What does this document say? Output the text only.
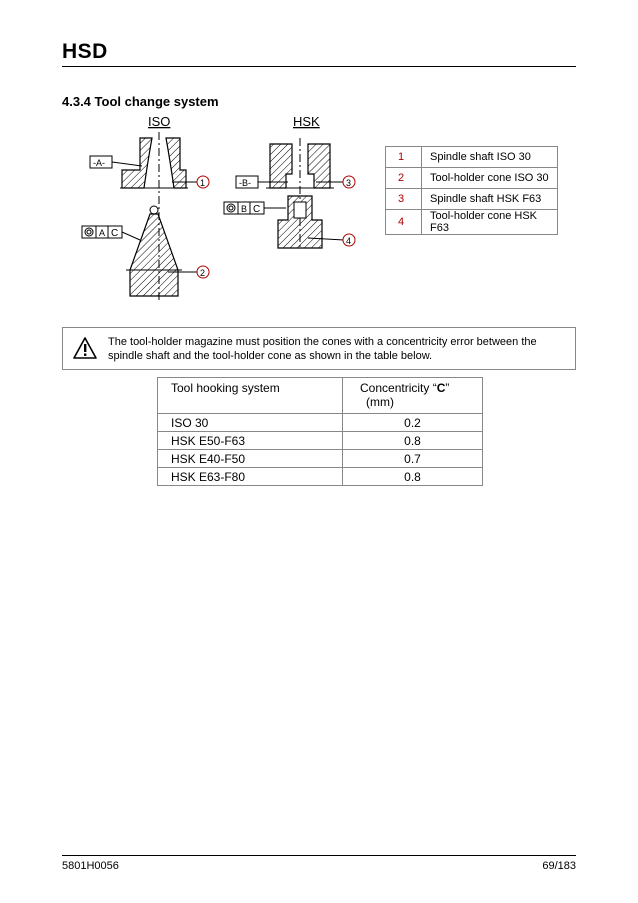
HSD
4.3.4 Tool change system
ISO	HSK
-A-
1
A C
2
-B-	3
B C
4
1	Spindle shaft ISO 30
2	Tool-holder cone ISO 30
3	Spindle shaft HSK F63
4	Tool-holder cone HSK F63
The tool-holder magazine must position the cones with a concentricity error between the spindle shaft and the tool-holder cone as shown in the table below.
Tool hooking system	Concentricity “C”
(mm)
ISO 30	0.2
HSK E50-F63	0.8
HSK E40-F50	0.7
HSK E63-F80	0.8
5801H0056	69/183
